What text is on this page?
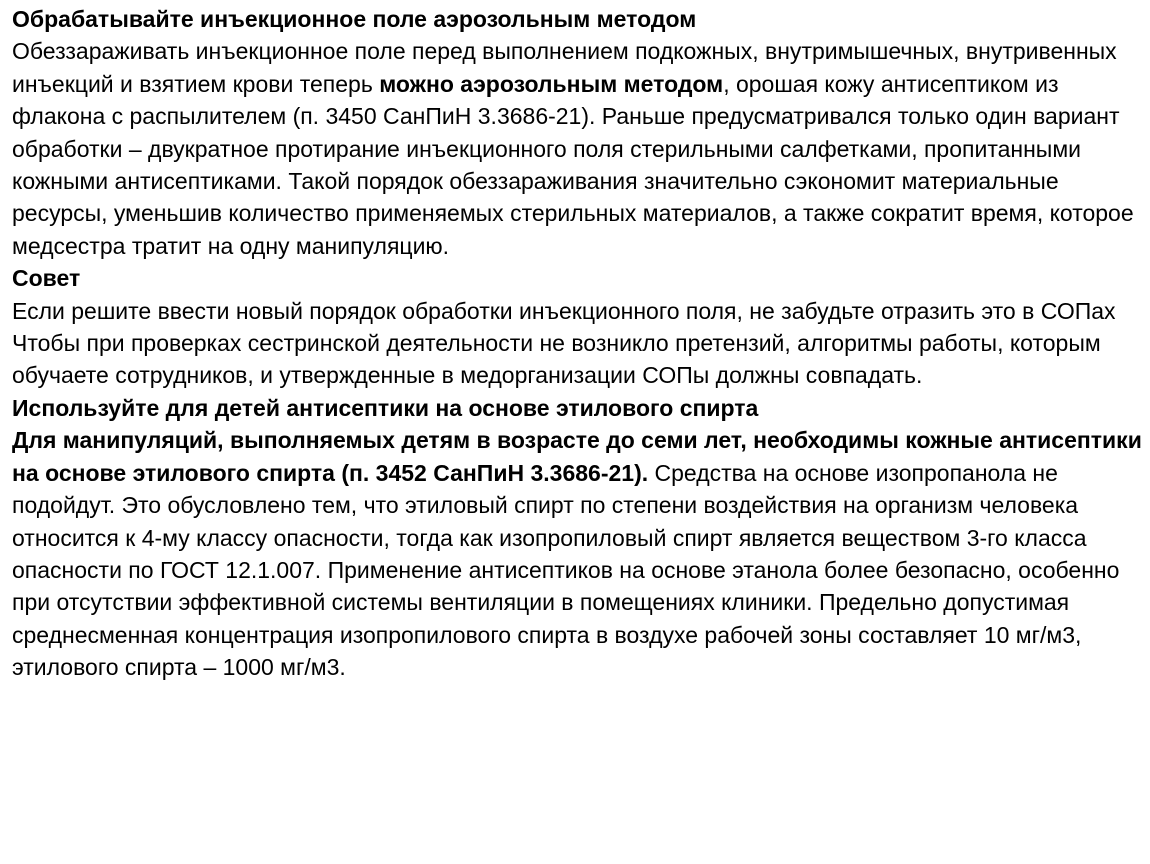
Обрабатывайте инъекционное поле аэрозольным методом

Обеззараживать инъекционное поле перед выполнением подкожных, внутримышечных, внутривенных инъекций и взятием крови теперь можно аэрозольным методом, орошая кожу антисептиком из флакона с распылителем (п. 3450 СанПиН 3.3686-21). Раньше предусматривался только один вариант обработки – двукратное протирание инъекционного поля стерильными салфетками, пропитанными кожными антисептиками. Такой порядок обеззараживания значительно сэкономит материальные ресурсы, уменьшив количество применяемых стерильных материалов, а также сократит время, которое медсестра тратит на одну манипуляцию.

Совет

Если решите ввести новый порядок обработки инъекционного поля, не забудьте отразить это в СОПах

Чтобы при проверках сестринской деятельности не возникло претензий, алгоритмы работы, которым обучаете сотрудников, и утвержденные в медорганизации СОПы должны совпадать.

Используйте для детей антисептики на основе этилового спирта

Для манипуляций, выполняемых детям в возрасте до семи лет, необходимы кожные антисептики на основе этилового спирта (п. 3452 СанПиН 3.3686-21). Средства на основе изопропанола не подойдут. Это обусловлено тем, что этиловый спирт по степени воздействия на организм человека относится к 4-му классу опасности, тогда как изопропиловый спирт является веществом 3-го класса опасности по ГОСТ 12.1.007. Применение антисептиков на основе этанола более безопасно, особенно при отсутствии эффективной системы вентиляции в помещениях клиники. Предельно допустимая среднесменная концентрация изопропилового спирта в воздухе рабочей зоны составляет 10 мг/м3, этилового спирта – 1000 мг/м3.
